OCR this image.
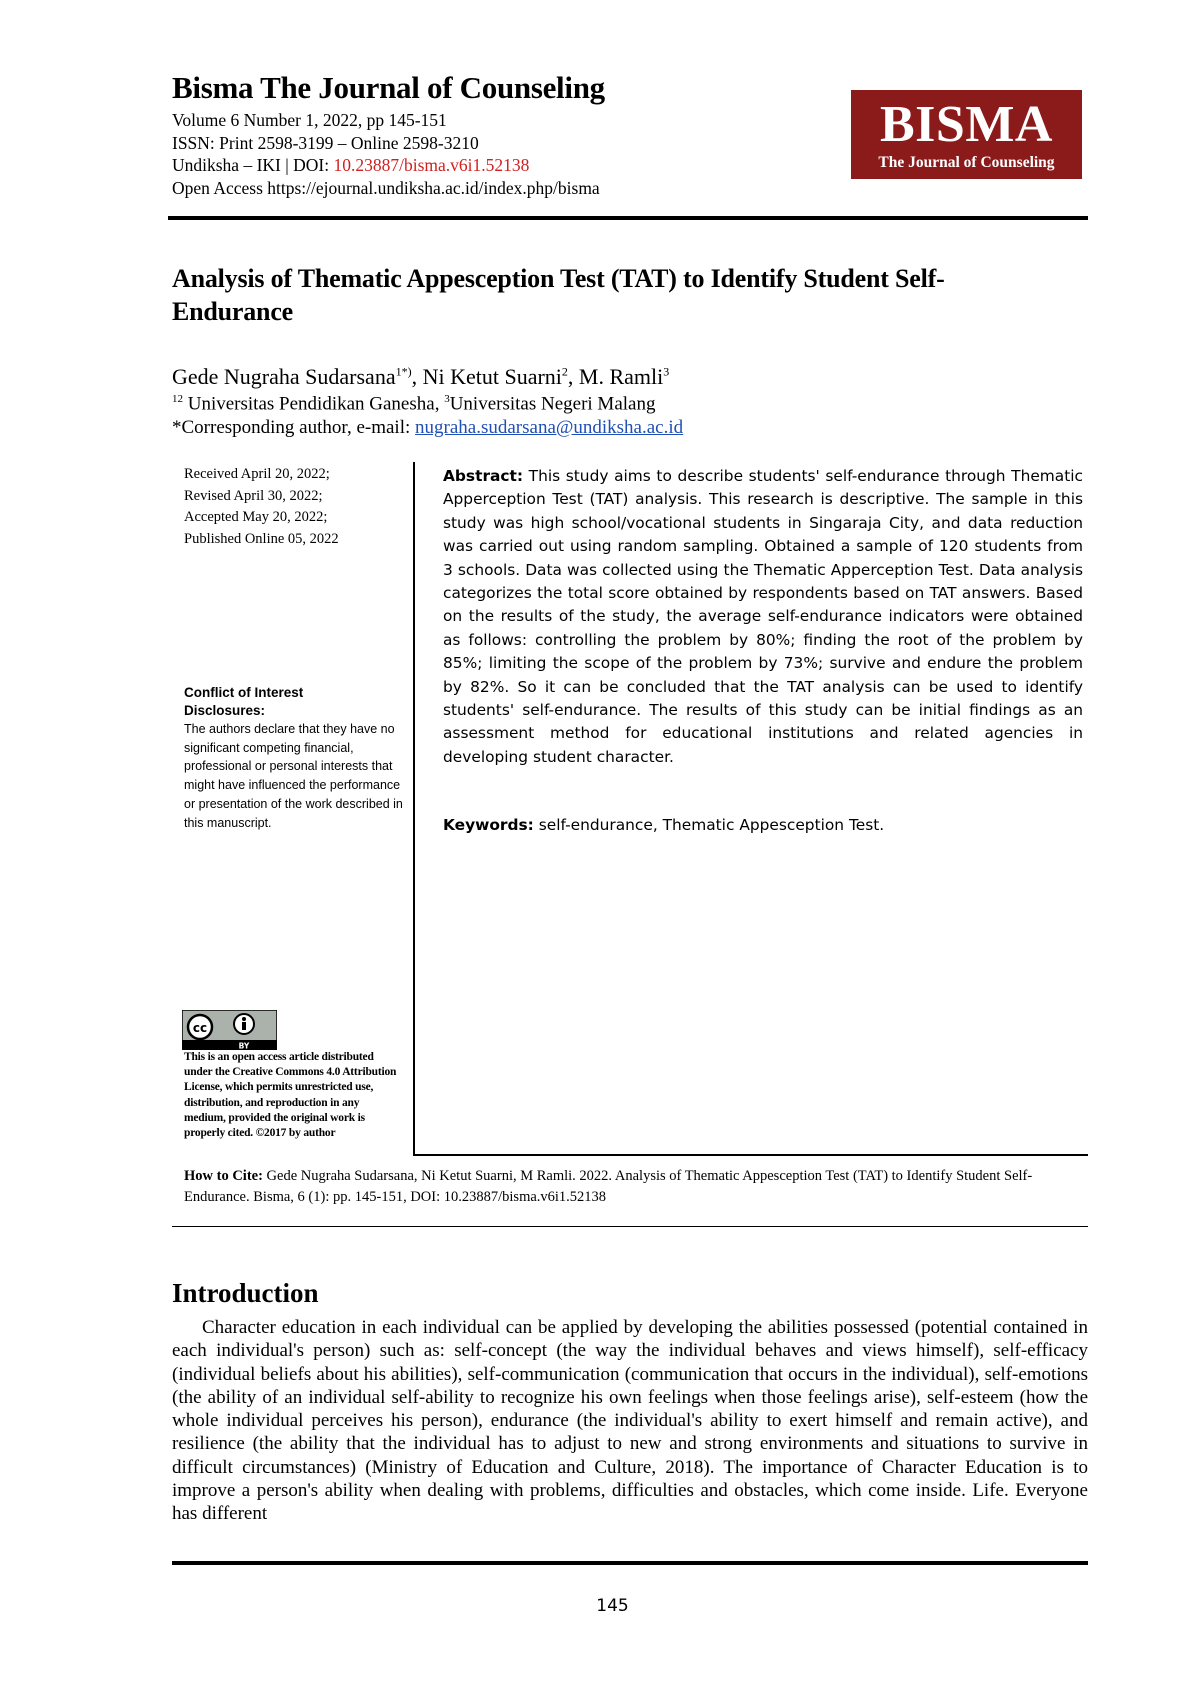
Bisma The Journal of Counseling
Volume 6 Number 1, 2022, pp 145-151
ISSN: Print 2598-3199 – Online 2598-3210
Undiksha – IKI | DOI: 10.23887/bisma.v6i1.52138
Open Access https://ejournal.undiksha.ac.id/index.php/bisma
BISMA
The Journal of Counseling
Analysis of Thematic Appesception Test (TAT) to Identify Student Self-Endurance
Gede Nugraha Sudarsana$^{1*)}$, Ni Ketut Suarni$^2$, M. Ramli$^3$
$^{12}$ Universitas Pendidikan Ganesha, $^3$Universitas Negeri Malang
*Corresponding author, e-mail: nugraha.sudarsana@undiksha.ac.id
Received April 20, 2022;
Revised April 30, 2022;
Accepted May 20, 2022;
Published Online 05, 2022
Conflict of Interest Disclosures:
The authors declare that they have no significant competing financial, professional or personal interests that might have influenced the performance or presentation of the work described in this manuscript.
cc
BY
This is an open access article distributed under the Creative Commons 4.0 Attribution License, which permits unrestricted use, distribution, and reproduction in any medium, provided the original work is properly cited. ©2017 by author
Abstract: This study aims to describe students' self-endurance through Thematic Apperception Test (TAT) analysis. This research is descriptive. The sample in this study was high school/vocational students in Singaraja City, and data reduction was carried out using random sampling. Obtained a sample of 120 students from 3 schools. Data was collected using the Thematic Apperception Test. Data analysis categorizes the total score obtained by respondents based on TAT answers. Based on the results of the study, the average self-endurance indicators were obtained as follows: controlling the problem by 80%; finding the root of the problem by 85%; limiting the scope of the problem by 73%; survive and endure the problem by 82%. So it can be concluded that the TAT analysis can be used to identify students' self-endurance. The results of this study can be initial findings as an assessment method for educational institutions and related agencies in developing student character.
Keywords: self-endurance, Thematic Appesception Test.
How to Cite: Gede Nugraha Sudarsana, Ni Ketut Suarni, M Ramli. 2022. Analysis of Thematic Appesception Test (TAT) to Identify Student Self-Endurance. Bisma, 6 (1): pp. 145-151, DOI: 10.23887/bisma.v6i1.52138
Introduction
Character education in each individual can be applied by developing the abilities possessed (potential contained in each individual's person) such as: self-concept (the way the individual behaves and views himself), self-efficacy (individual beliefs about his abilities), self-communication (communication that occurs in the individual), self-emotions (the ability of an individual self-ability to recognize his own feelings when those feelings arise), self-esteem (how the whole individual perceives his person), endurance (the individual's ability to exert himself and remain active), and resilience (the ability that the individual has to adjust to new and strong environments and situations to survive in difficult circumstances) (Ministry of Education and Culture, 2018). The importance of Character Education is to improve a person's ability when dealing with problems, difficulties and obstacles, which come inside. Life. Everyone has different
145
